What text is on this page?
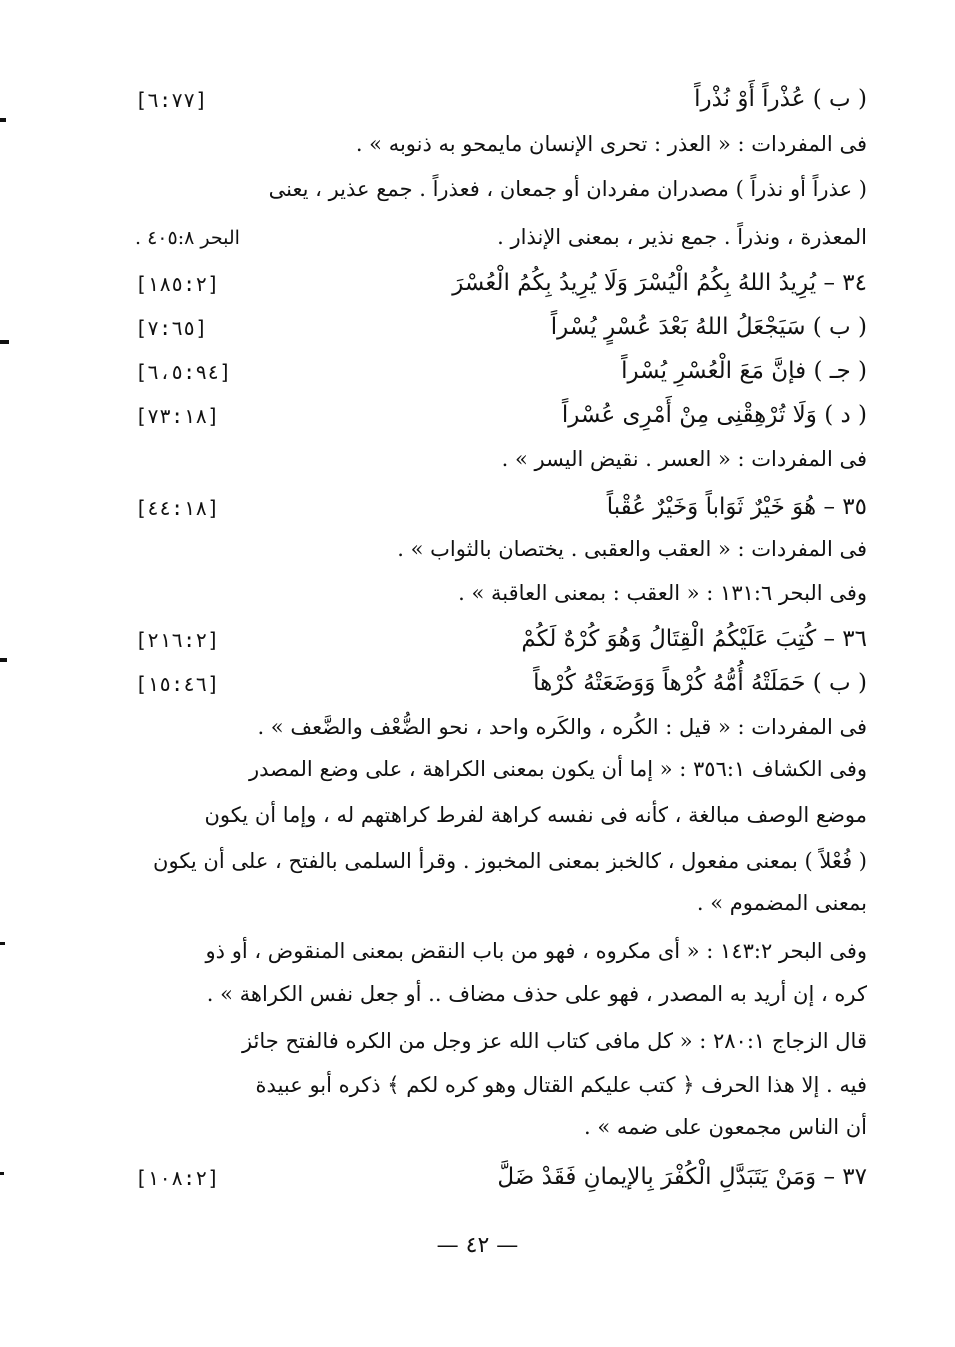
[٦:٧٧]	( ب ) عُذْراً أَوْ نُذْراً
فى المفردات : « العذر : تحرى الإنسان مايمحو به ذنوبه » .
( عذراً أو نذراً ) مصدران مفردان أو جمعان ، فعذراً . جمع عذير ، يعنى
البحر ٤٠٥:٨ .	المعذرة ، ونذراً . جمع نذير ، بمعنى الإنذار .
[١٨٥:٢]	٣٤ – يُرِيدُ اللهُ بِكُمُ الْيُسْرَ وَلَا يُرِيدُ بِكُمُ الْعُسْرَ
[٧:٦٥]	( ب ) سَيَجْعَلُ اللهُ بَعْدَ عُسْرٍ يُسْراً
[٦،٥:٩٤]	( جـ ) فإنَّ مَعَ الْعُسْرِ يُسْراً
[٧٣:١٨]	( د ) وَلَا تُرْهِقْنِى مِنْ أَمْرِى عُسْراً
فى المفردات : « العسر . نقيض اليسر » .
[٤٤:١٨]	٣٥ – هُوَ خَيْرٌ ثَوَاباً وَخَيْرٌ عُقْباً
فى المفردات : « العقب والعقبى . يختصان بالثواب » .
وفى البحر ١٣١:٦ : « العقب : بمعنى العاقبة » .
[٢١٦:٢]	٣٦ – كُتِبَ عَلَيْكُمُ الْقِتَالُ وَهُوَ كُرْهٌ لَكُمْ
[١٥:٤٦]	( ب ) حَمَلَتْهُ أُمُّهُ كُرْهاً وَوَضَعَتْهُ كُرْهاً
فى المفردات : « قيل : الكُره ، والكَره واحد ، نحو الضُّعْف والضَّعف » .
وفى الكشاف ٣٥٦:١ : « إما أن يكون بمعنى الكراهة ، على وضع المصدر
موضع الوصف مبالغة ، كأنه فى نفسه كراهة لفرط كراهتهم له ، وإما أن يكون
( فُعْلاً ) بمعنى مفعول ، كالخبز بمعنى المخبوز . وقرأ السلمى بالفتح ، على أن يكون
بمعنى المضموم » .
وفى البحر ١٤٣:٢ : « أى مكروه ، فهو من باب النقض بمعنى المنقوض ، أو ذو
كره ، إن أريد به المصدر ، فهو على حذف مضاف .. أو جعل نفس الكراهة » .
قال الزجاج ٢٨٠:١ : « كل مافى كتاب الله عز وجل من الكره فالفتح جائز
فيه . إلا هذا الحرف ﴿ كتب عليكم القتال وهو كره لكم ﴾ ذكره أبو عبيدة
أن الناس مجمعون على ضمه » .
[١٠٨:٢]	٣٧ – وَمَنْ يَتَبَدَّلِ الْكُفْرَ بِالإيمانِ فَقَدْ ضَلَّ
— ٤٢ —
